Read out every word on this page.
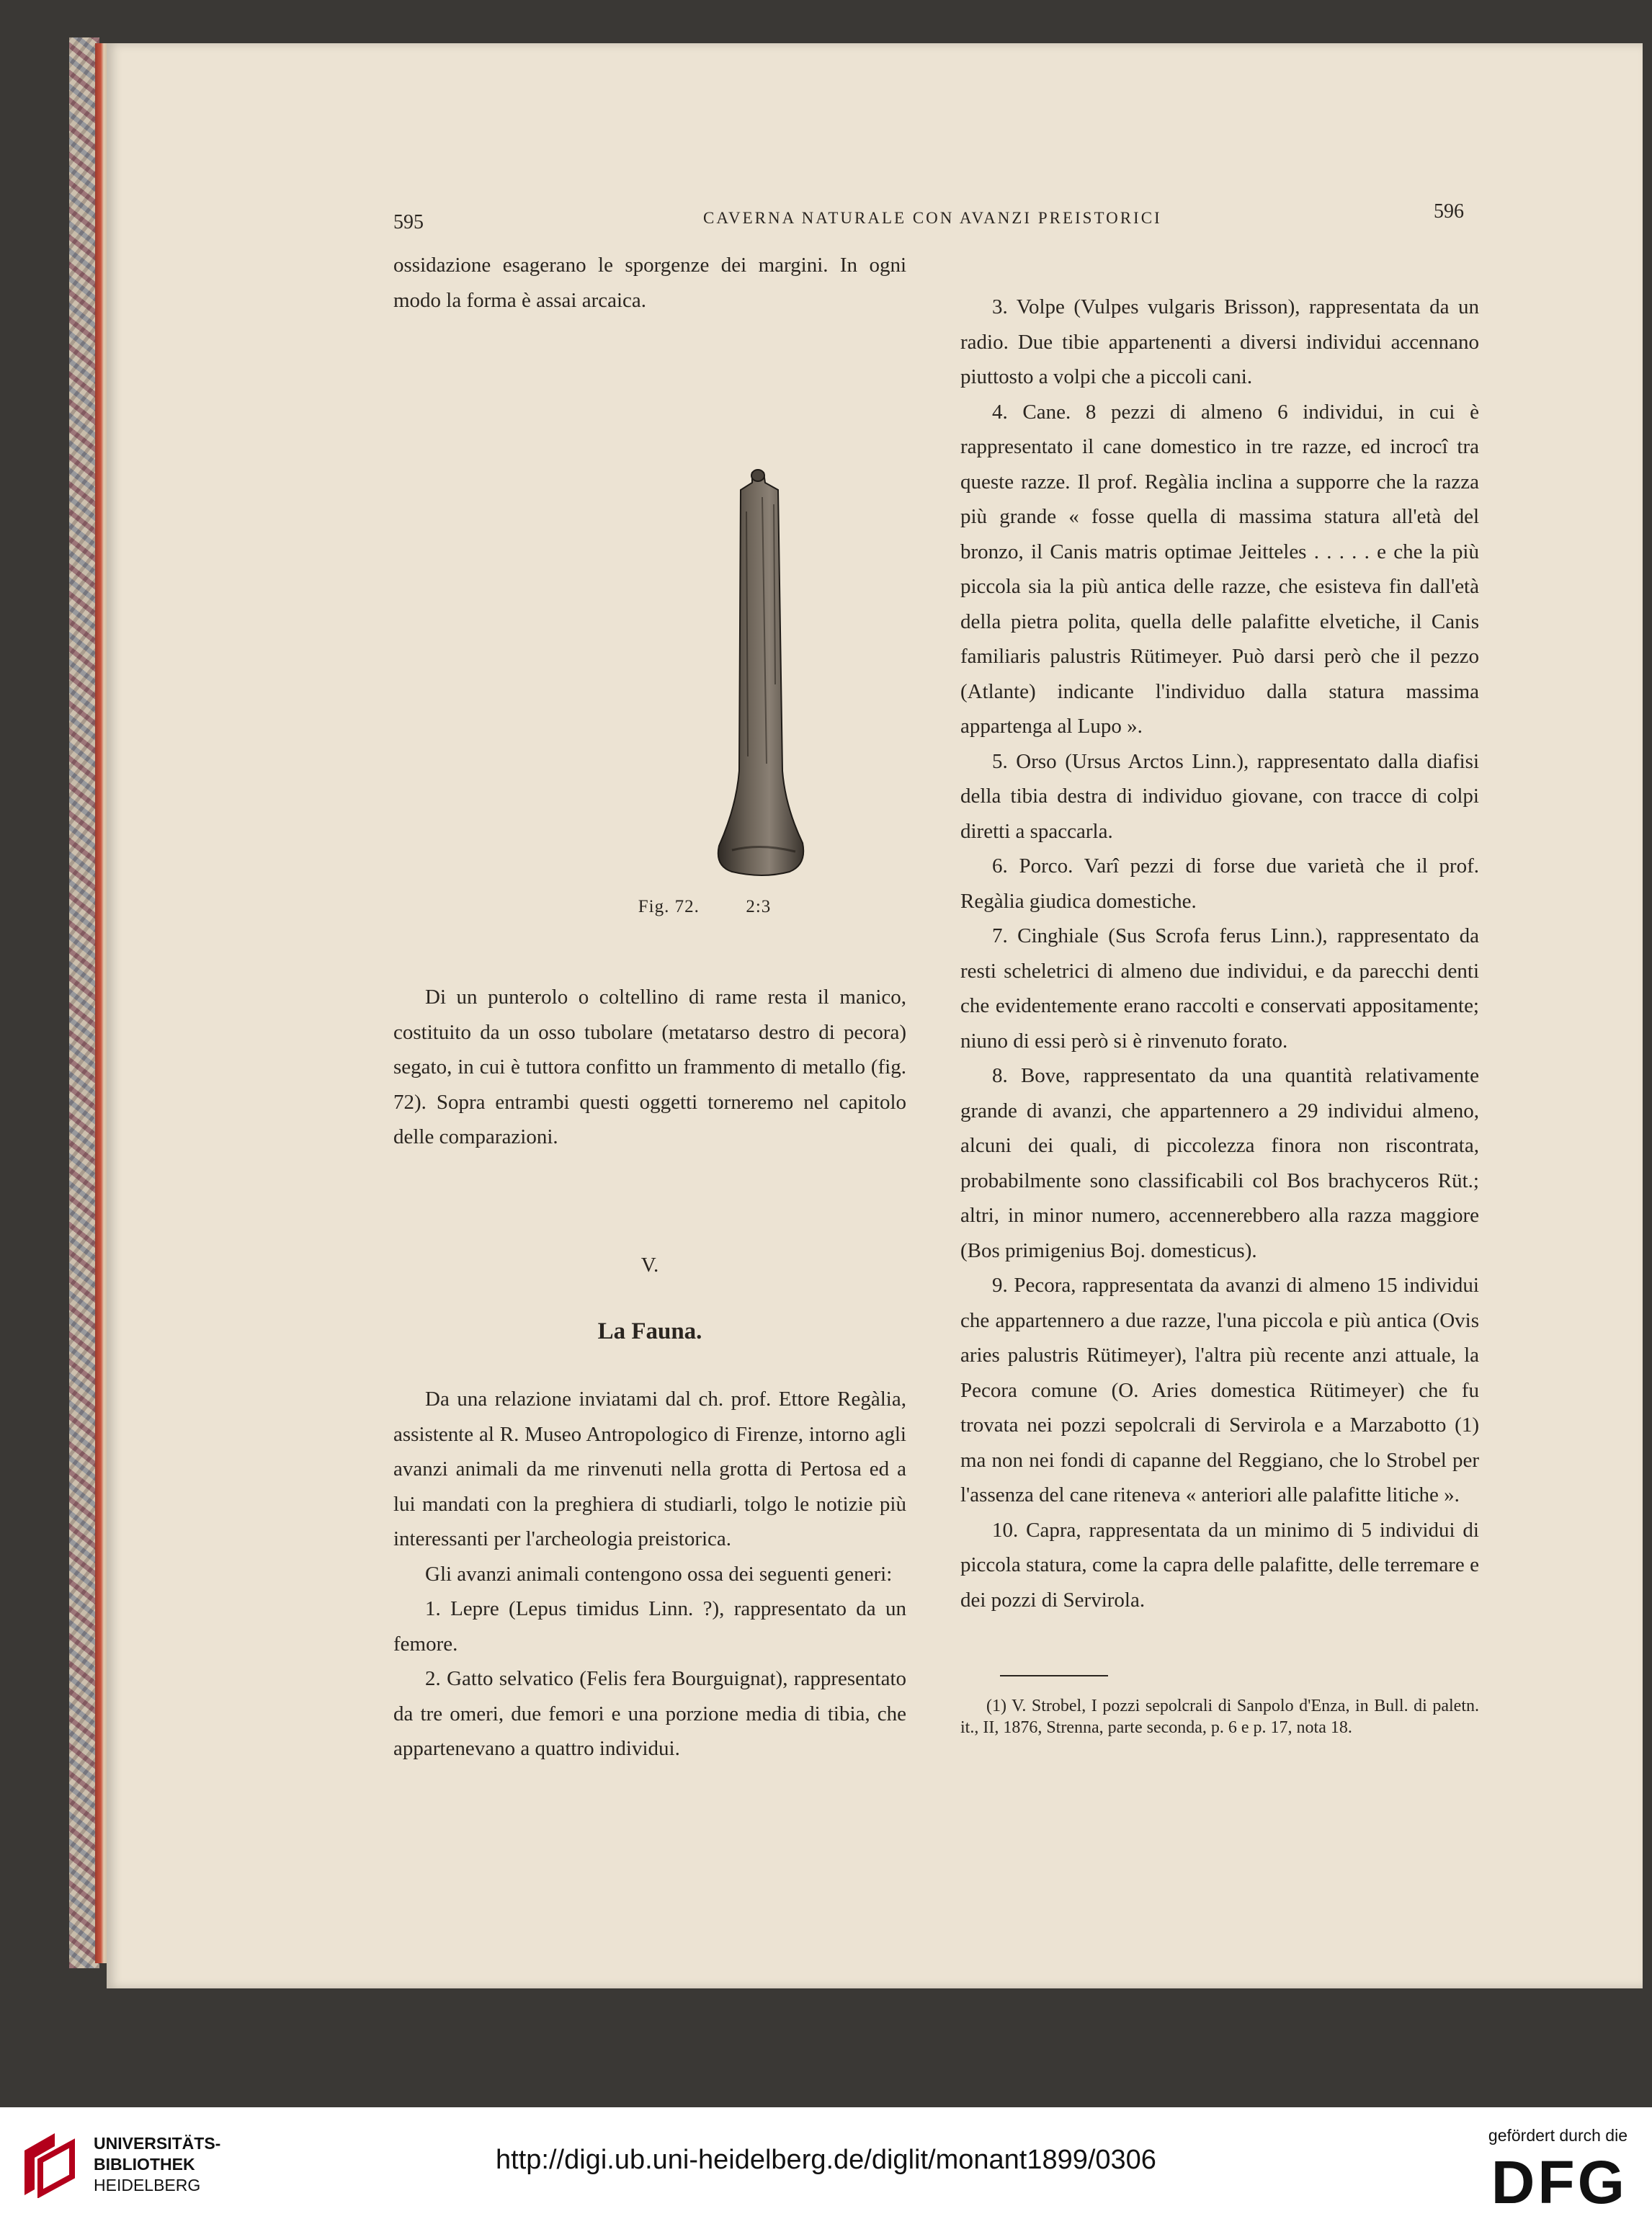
595	CAVERNA NATURALE CON AVANZI PREISTORICI	596

ossidazione esagerano le sporgenze dei margini. In ogni modo la forma è assai arcaica.

Fig. 72.	2:3

Di un punterolo o coltellino di rame resta il manico, costituito da un osso tubolare (metatarso destro di pecora) segato, in cui è tuttora confitto un frammento di metallo (fig. 72). Sopra entrambi questi oggetti torneremo nel capitolo delle comparazioni.

V.
La Fauna.

Da una relazione inviatami dal ch. prof. Ettore Regàlia, assistente al R. Museo Antropologico di Firenze, intorno agli avanzi animali da me rinvenuti nella grotta di Pertosa ed a lui mandati con la preghiera di studiarli, tolgo le notizie più interessanti per l'archeologia preistorica.

Gli avanzi animali contengono ossa dei seguenti generi:

1. Lepre (Lepus timidus Linn. ?), rappresentato da un femore.

2. Gatto selvatico (Felis fera Bourguignat), rappresentato da tre omeri, due femori e una porzione media di tibia, che appartenevano a quattro individui.

3. Volpe (Vulpes vulgaris Brisson), rappresentata da un radio. Due tibie appartenenti a diversi individui accennano piuttosto a volpi che a piccoli cani.

4. Cane. 8 pezzi di almeno 6 individui, in cui è rappresentato il cane domestico in tre razze, ed incrocî tra queste razze. Il prof. Regàlia inclina a supporre che la razza più grande « fosse quella di massima statura all'età del bronzo, il Canis matris optimae Jeitteles . . . . . e che la più piccola sia la più antica delle razze, che esisteva fin dall'età della pietra polita, quella delle palafitte elvetiche, il Canis familiaris palustris Rütimeyer. Può darsi però che il pezzo (Atlante) indicante l'individuo dalla statura massima appartenga al Lupo ».

5. Orso (Ursus Arctos Linn.), rappresentato dalla diafisi della tibia destra di individuo giovane, con tracce di colpi diretti a spaccarla.

6. Porco. Varî pezzi di forse due varietà che il prof. Regàlia giudica domestiche.

7. Cinghiale (Sus Scrofa ferus Linn.), rappresentato da resti scheletrici di almeno due individui, e da parecchi denti che evidentemente erano raccolti e conservati appositamente; niuno di essi però si è rinvenuto forato.

8. Bove, rappresentato da una quantità relativamente grande di avanzi, che appartennero a 29 individui almeno, alcuni dei quali, di piccolezza finora non riscontrata, probabilmente sono classificabili col Bos brachyceros Rüt.; altri, in minor numero, accennerebbero alla razza maggiore (Bos primigenius Boj. domesticus).

9. Pecora, rappresentata da avanzi di almeno 15 individui che appartennero a due razze, l'una piccola e più antica (Ovis aries palustris Rütimeyer), l'altra più recente anzi attuale, la Pecora comune (O. Aries domestica Rütimeyer) che fu trovata nei pozzi sepolcrali di Servirola e a Marzabotto (1) ma non nei fondi di capanne del Reggiano, che lo Strobel per l'assenza del cane riteneva « anteriori alle palafitte litiche ».

10. Capra, rappresentata da un minimo di 5 individui di piccola statura, come la capra delle palafitte, delle terremare e dei pozzi di Servirola.

(1) V. Strobel, I pozzi sepolcrali di Sanpolo d'Enza, in Bull. di paletn. it., II, 1876, Strenna, parte seconda, p. 6 e p. 17, nota 18.
UNIVERSITÄTS-
BIBLIOTHEK
HEIDELBERG
http://digi.ub.uni-heidelberg.de/diglit/monant1899/0306
gefördert durch die
DFG
